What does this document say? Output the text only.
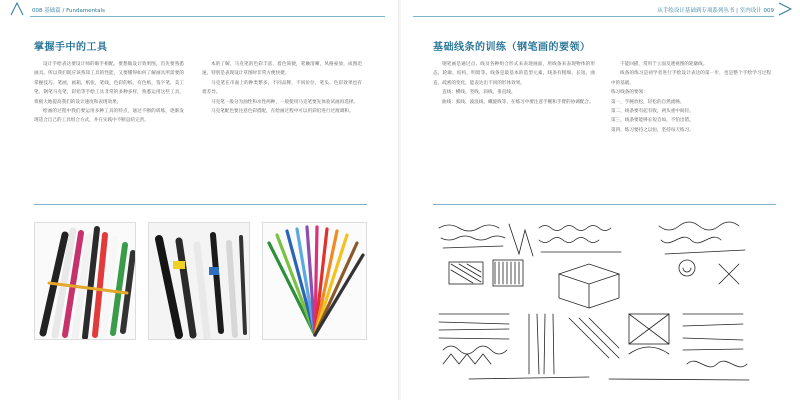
008 基础篇 / Fundamentals
掌握手中的工具

设计手绘表达要设计师的眼手相配。要想做设计效果图，首先要熟悉画具。所以我们既应该熟知工具的性能，又要懂得如何了解画具所需要的掌握技巧。笔画，画箱，纸张，笔线，色彩的纸，有色纸，签字笔，美工笔，钢笔马克笔，彩铅等手绘工具非常的多种多样，熟悉运用这些工具，将极大地提高我们的设计速度和表现效果。

绘画的过程中我们要运用多种工具的特点，通过不断的训练，逐渐发现适合自己的工具组合方式，并在实践中不断总结完善。

本的了解，马克笔的色彩丰富，着色简便，笔触清晰，风格豪放，成图迅速，特别是表现设计草图时非常方便快捷。

马克笔在市面上的种类繁多，不同品牌，不同价位，笔头、色彩效果也有着差异。

马克笔一般分为油性和水性两种，一般使用马克笔要先体验试画再选择。

马克笔配色要注意色彩搭配，在绘画过程中可以用彩铅进行过渡调和。

从手绘设计基础到专项系列丛书 | 室内设计 009
基础线条的训练（钢笔画的要领）

钢笔画是通过点、线及各种组合形式来表现画面，用线条来表现物体的形态、轮廓、结构、明暗等。线条是最基本的造型元素，线条有粗细、长短、曲直、疏密的变化，能表达出不同的形体效果。

直线：横线、竖线、斜线、垂直线。

曲线：弧线、波浪线、螺旋线等，在练习中要注意手腕和手臂的协调配合。

不能回描，常用于立面及透视图的轮廓线。

线条的练习是初学者进行手绘设计表达的第一步，也是整个手绘学习过程中的基础。

练习线条的要领：

第一，手腕放松，轻松的自然流畅。

第二，线条要有起有收，两头重中间轻。

第三，线条要能够长短自如，不怕出错。

第四，练习要持之以恒，坚持每天练习。
